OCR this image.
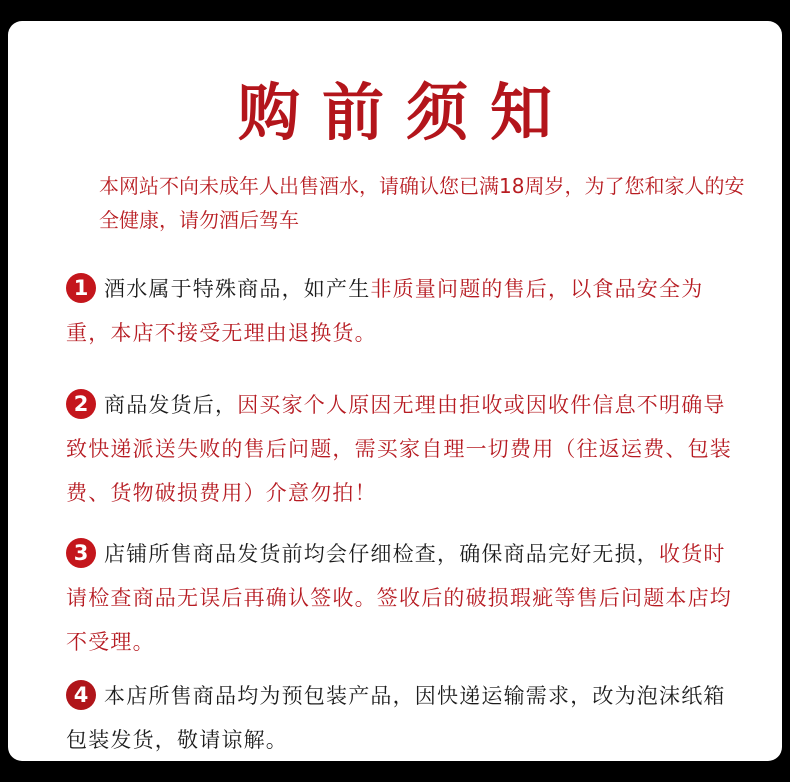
购前须知
本网站不向未成年人出售酒水，请确认您已满18周岁，为了您和家人的安全健康，请勿酒后驾车
1 酒水属于特殊商品，如产生非质量问题的售后，以食品安全为重，本店不接受无理由退换货。
2 商品发货后，因买家个人原因无理由拒收或因收件信息不明确导致快递派送失败的售后问题，需买家自理一切费用（往返运费、包装费、货物破损费用）介意勿拍！
3 店铺所售商品发货前均会仔细检查，确保商品完好无损，收货时请检查商品无误后再确认签收。签收后的破损瑕疵等售后问题本店均不受理。
4 本店所售商品均为预包装产品，因快递运输需求，改为泡沫纸箱包装发货，敬请谅解。
